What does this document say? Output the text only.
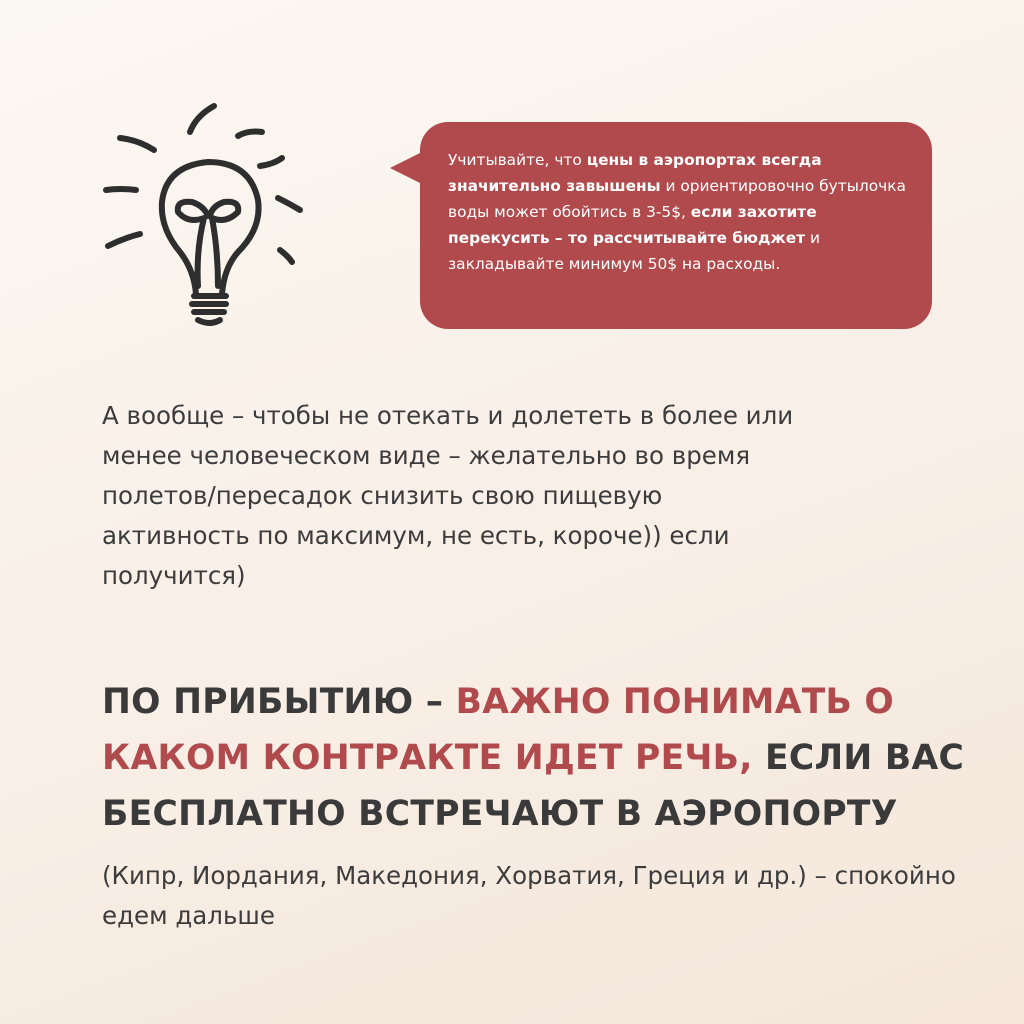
Учитывайте, что цены в аэропортах всегда значительно завышены и ориентировочно бутылочка воды может обойтись в 3-5$, если захотите перекусить – то рассчитывайте бюджет и закладывайте минимум 50$ на расходы.
А вообще – чтобы не отекать и долететь в более или менее человеческом виде – желательно во время полетов/пересадок снизить свою пищевую активность по максимум, не есть, короче)) если получится)
ПО ПРИБЫТИЮ – ВАЖНО ПОНИМАТЬ О КАКОМ КОНТРАКТЕ ИДЕТ РЕЧЬ, ЕСЛИ ВАС БЕСПЛАТНО ВСТРЕЧАЮТ В АЭРОПОРТУ
(Кипр, Иордания, Македония, Хорватия, Греция и др.) – спокойно едем дальше
